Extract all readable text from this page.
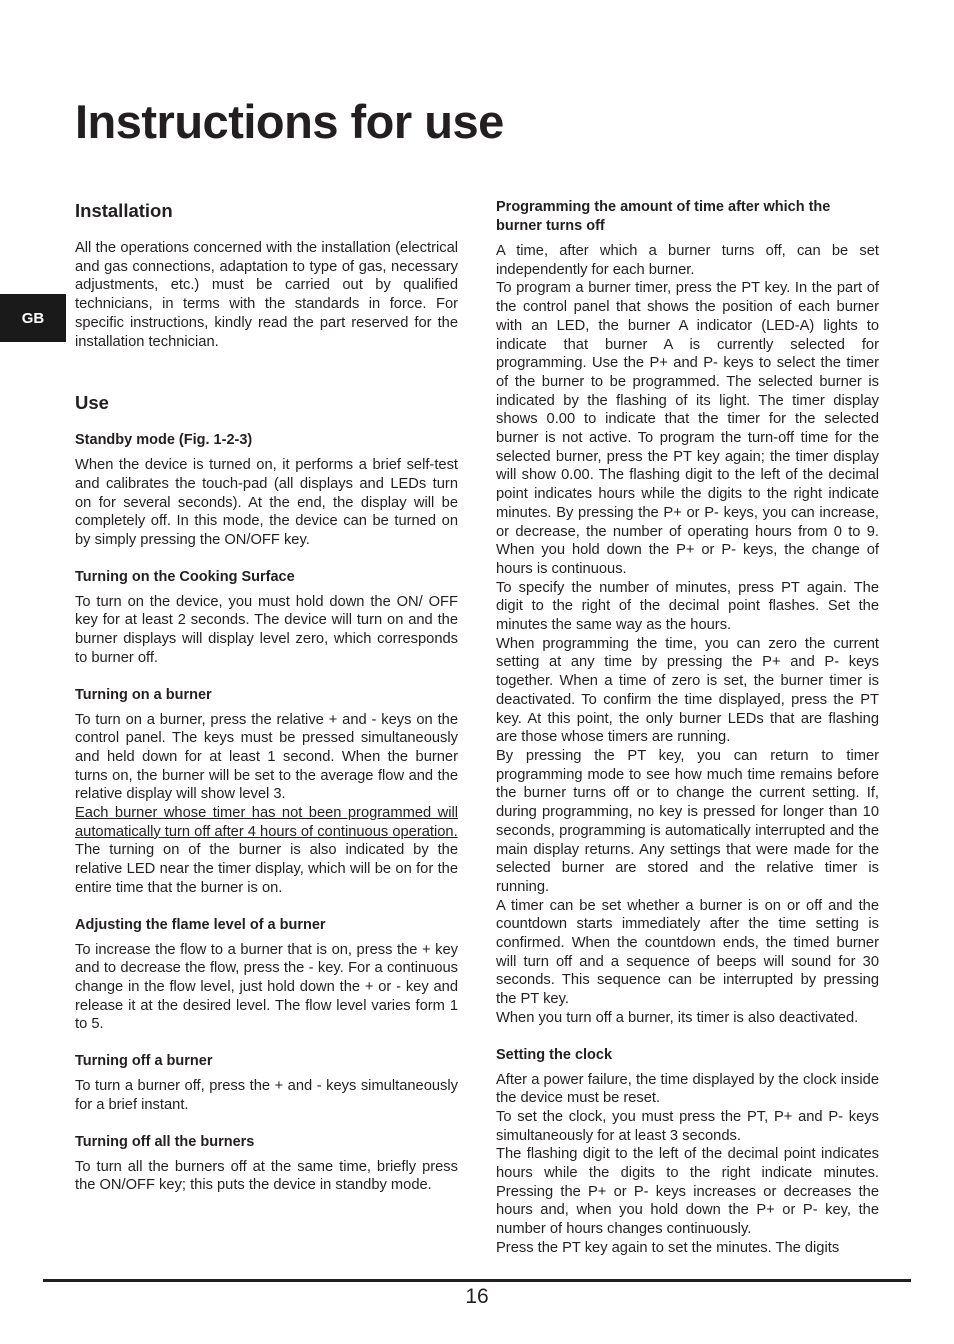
Instructions for use
GB
Installation

All the operations concerned with the installation (electrical and gas connections, adaptation to type of gas, necessary adjustments, etc.) must be carried out by qualified technicians, in terms with the standards in force. For specific instructions, kindly read the part reserved for the installation technician.

Use
Standby mode (Fig. 1-2-3)

When the device is turned on, it performs a brief self-test and calibrates the touch-pad (all displays and LEDs turn on for several seconds). At the end, the display will be completely off. In this mode, the device can be turned on by simply pressing the ON/OFF key.

Turning on the Cooking Surface

To turn on the device, you must hold down the ON/ OFF key for at least 2 seconds. The device will turn on and the burner displays will display level zero, which corresponds to burner off.

Turning on a burner

To turn on a burner, press the relative + and - keys on the control panel. The keys must be pressed simultaneously and held down for at least 1 second. When the burner turns on, the burner will be set to the average flow and the relative display will show level 3.

Each burner whose timer has not been programmed will automatically turn off after 4 hours of continuous operation.

The turning on of the burner is also indicated by the relative LED near the timer display, which will be on for the entire time that the burner is on.

Adjusting the flame level of a burner

To increase the flow to a burner that is on, press the + key and to decrease the flow, press the - key. For a continuous change in the flow level, just hold down the + or - key and release it at the desired level. The flow level varies form 1 to 5.

Turning off a burner

To turn a burner off, press the + and - keys simultaneously for a brief instant.

Turning off all the burners

To turn all the burners off at the same time, briefly press the ON/OFF key; this puts the device in standby mode.

Programming the amount of time after which the burner turns off

A time, after which a burner turns off, can be set independently for each burner.

To program a burner timer, press the PT key. In the part of the control panel that shows the position of each burner with an LED, the burner A indicator (LED-A) lights to indicate that burner A is currently selected for programming. Use the P+ and P- keys to select the timer of the burner to be programmed. The selected burner is indicated by the flashing of its light. The timer display shows 0.00 to indicate that the timer for the selected burner is not active. To program the turn-off time for the selected burner, press the PT key again; the timer display will show 0.00. The flashing digit to the left of the decimal point indicates hours while the digits to the right indicate minutes. By pressing the P+ or P- keys, you can increase, or decrease, the number of operating hours from 0 to 9. When you hold down the P+ or P- keys, the change of hours is continuous.

To specify the number of minutes, press PT again. The digit to the right of the decimal point flashes. Set the minutes the same way as the hours.

When programming the time, you can zero the current setting at any time by pressing the P+ and P- keys together. When a time of zero is set, the burner timer is deactivated. To confirm the time displayed, press the PT key. At this point, the only burner LEDs that are flashing are those whose timers are running.

By pressing the PT key, you can return to timer programming mode to see how much time remains before the burner turns off or to change the current setting. If, during programming, no key is pressed for longer than 10 seconds, programming is automatically interrupted and the main display returns. Any settings that were made for the selected burner are stored and the relative timer is running.

A timer can be set whether a burner is on or off and the countdown starts immediately after the time setting is confirmed. When the countdown ends, the timed burner will turn off and a sequence of beeps will sound for 30 seconds. This sequence can be interrupted by pressing the PT key.

When you turn off a burner, its timer is also deactivated.

Setting the clock

After a power failure, the time displayed by the clock inside the device must be reset.

To set the clock, you must press the PT, P+ and P- keys simultaneously for at least 3 seconds.

The flashing digit to the left of the decimal point indicates hours while the digits to the right indicate minutes. Pressing the P+ or P- keys increases or decreases the hours and, when you hold down the P+ or P- key, the number of hours changes continuously.

Press the PT key again to set the minutes. The digits

16
